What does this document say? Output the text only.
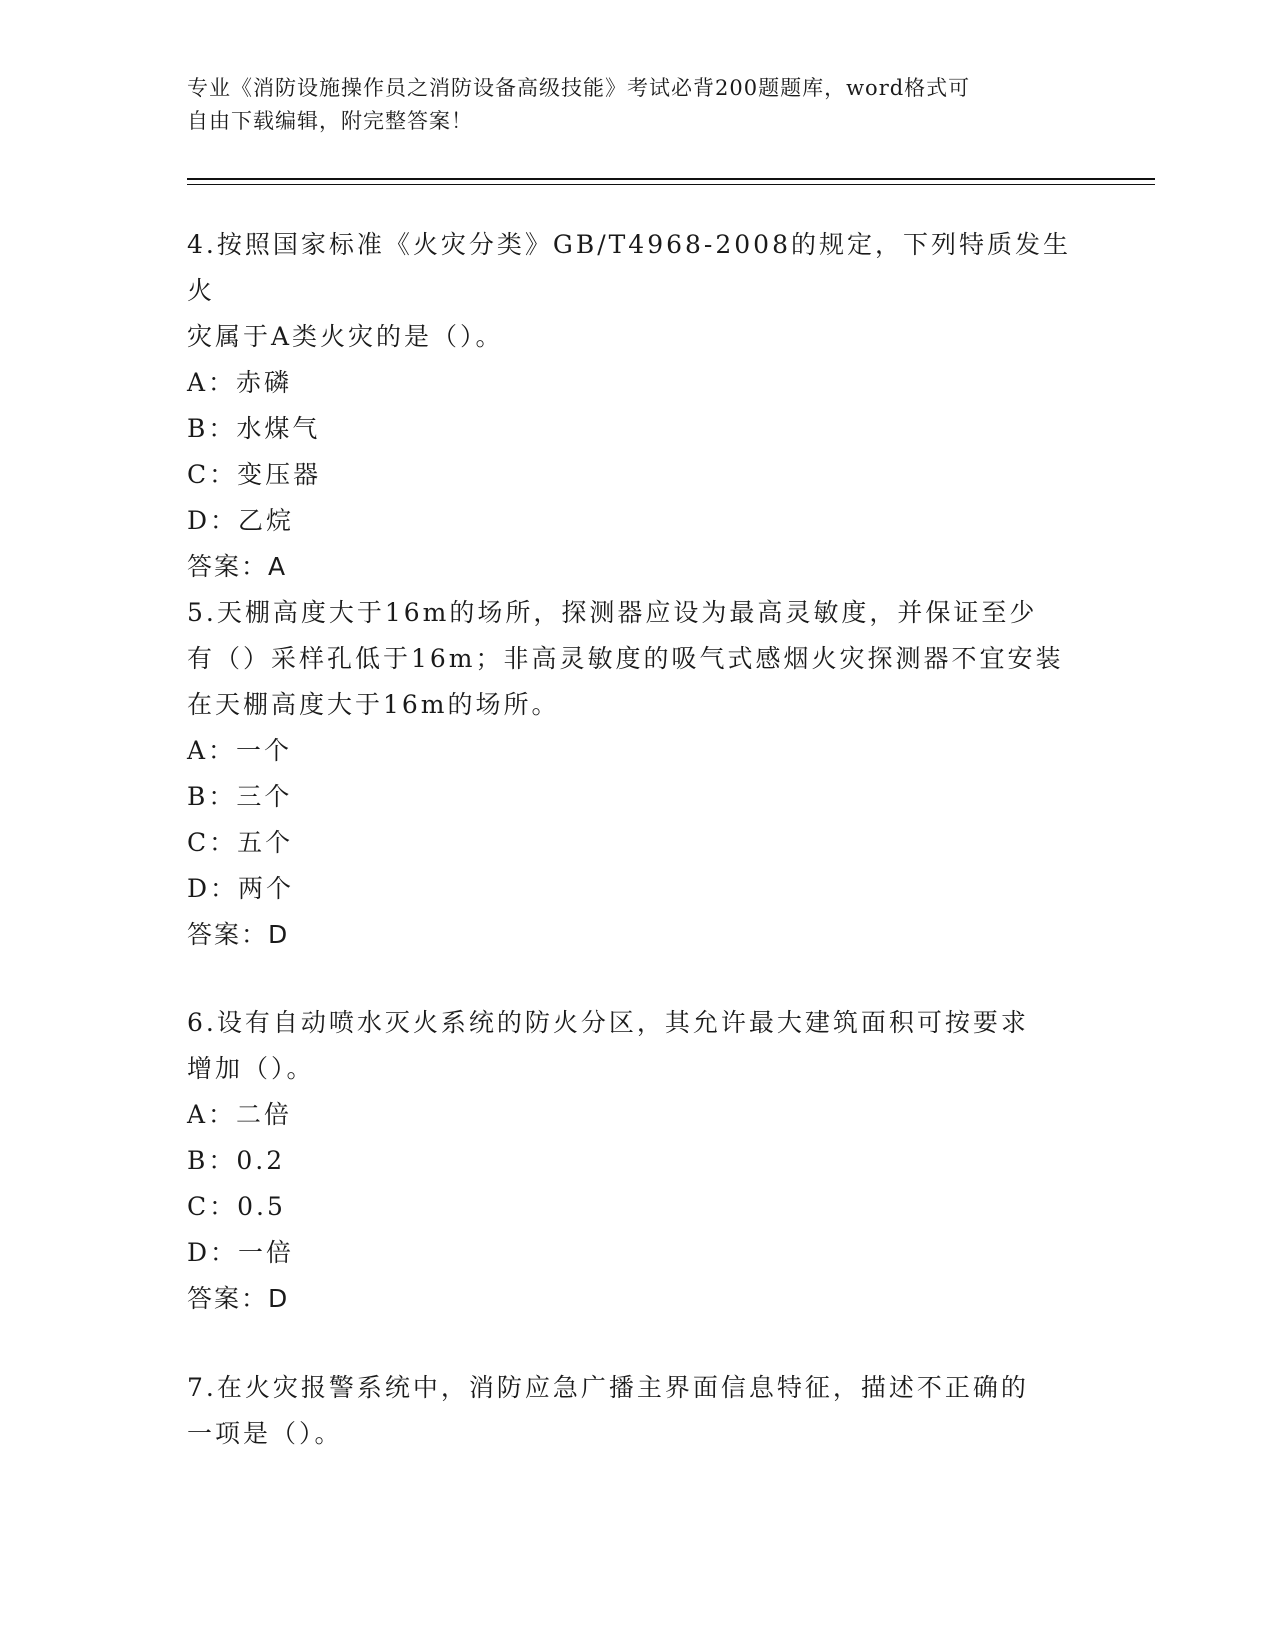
专业《消防设施操作员之消防设备高级技能》考试必背200题题库，word格式可
自由下载编辑，附完整答案！
4.按照国家标准《火灾分类》GB/T4968-2008的规定，下列特质发生火
灾属于A类火灾的是（）。
A：赤磷
B：水煤气
C：变压器
D：乙烷
答案：A
5.天棚高度大于16m的场所，探测器应设为最高灵敏度，并保证至少
有（）采样孔低于16m；非高灵敏度的吸气式感烟火灾探测器不宜安装
在天棚高度大于16m的场所。
A：一个
B：三个
C：五个
D：两个
答案：D
6.设有自动喷水灭火系统的防火分区，其允许最大建筑面积可按要求
增加（）。
A：二倍
B：0.2
C：0.5
D：一倍
答案：D
7.在火灾报警系统中，消防应急广播主界面信息特征，描述不正确的
一项是（）。
